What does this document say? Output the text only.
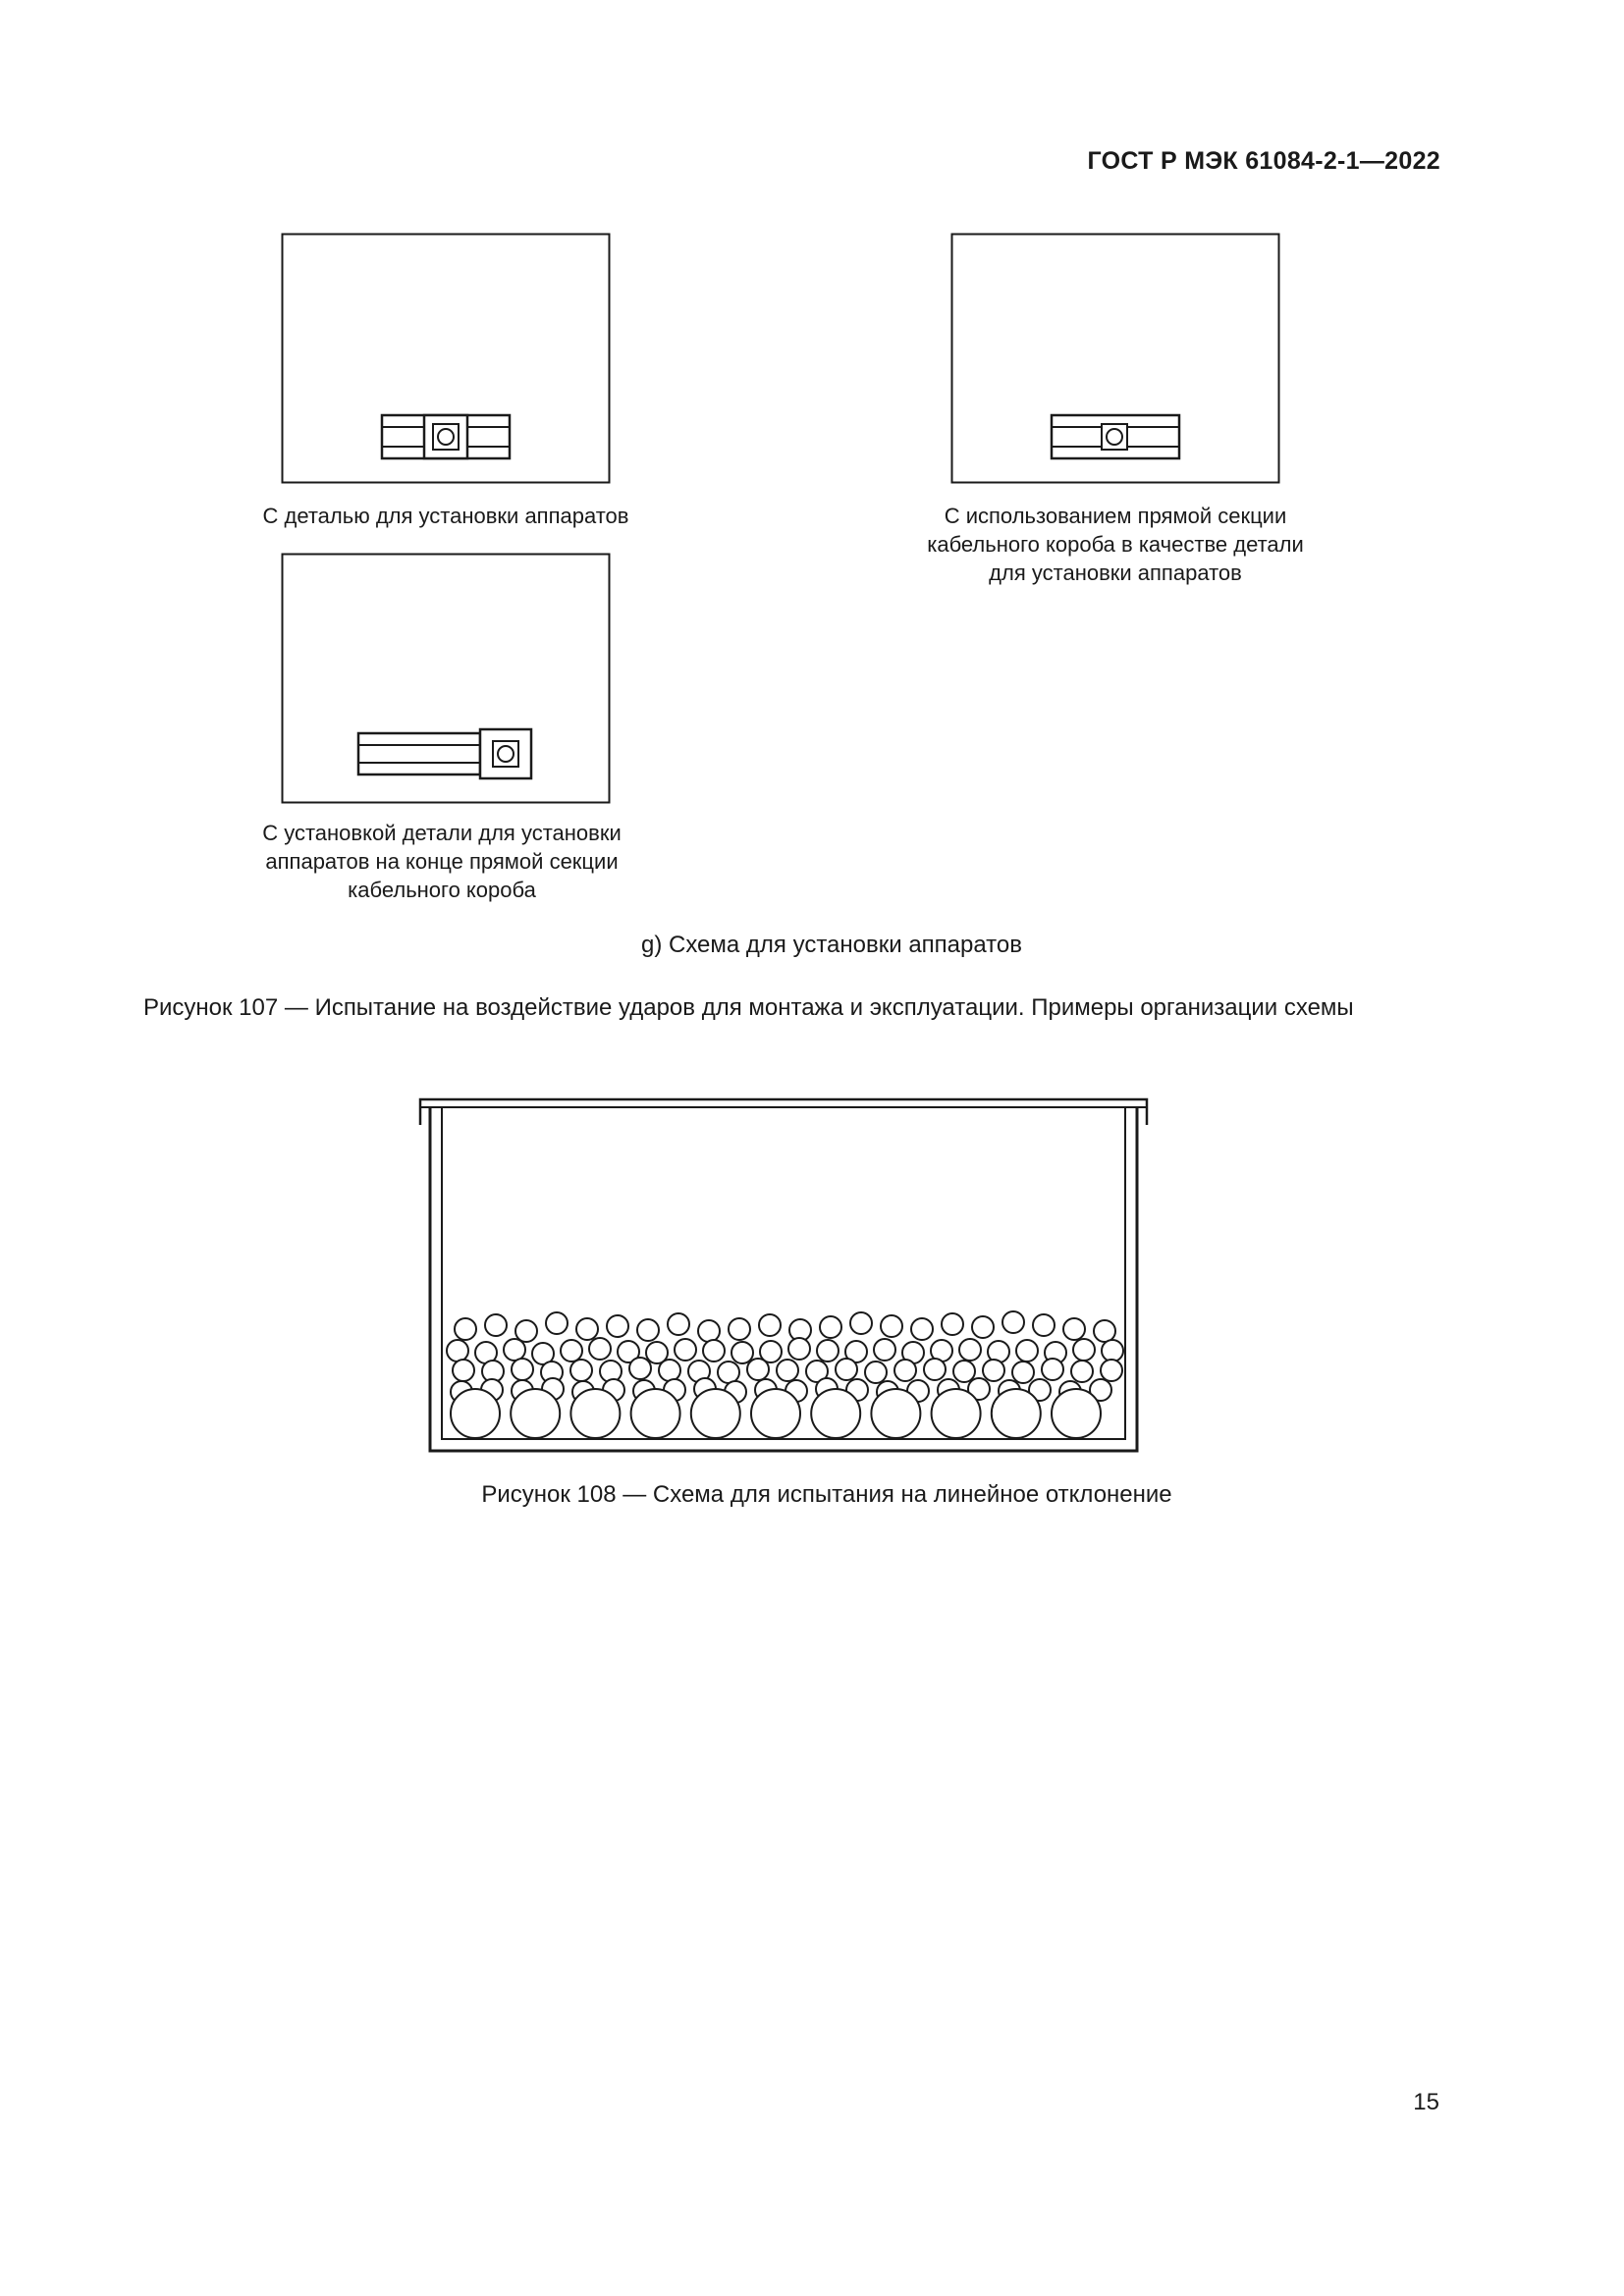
ГОСТ Р МЭК 61084-2-1—2022
С деталью для установки аппаратов	С использованием прямой секции
кабельного короба в качестве детали
для установки аппаратов
С установкой детали для установки
аппаратов на конце прямой секции
кабельного короба
g) Схема для установки аппаратов
Рисунок 107 — Испытание на воздействие ударов для монтажа и эксплуатации. Примеры организации схемы
Рисунок 108 — Схема для испытания на линейное отклонение
15
